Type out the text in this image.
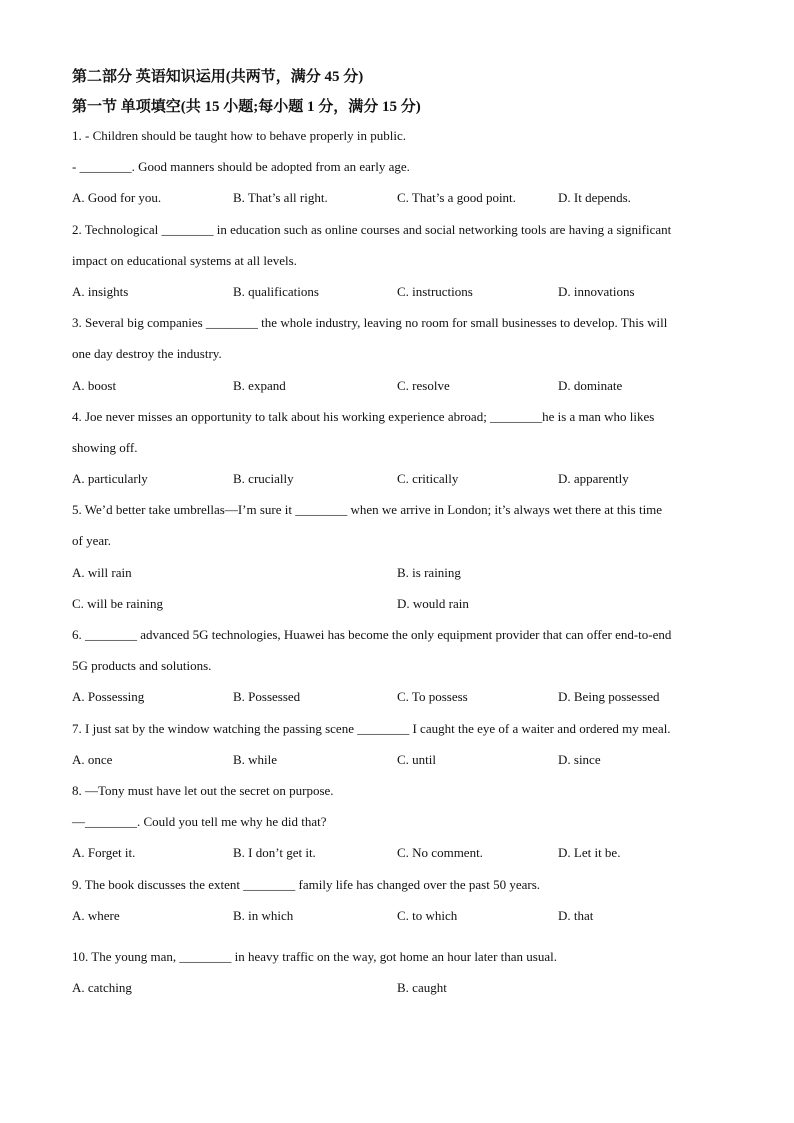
第二部分 英语知识运用(共两节，满分 45 分)
第一节 单项填空(共 15 小题;每小题 1 分，满分 15 分)
1. - Children should be taught how to behave properly in public.
- ________. Good manners should be adopted from an early age.
A. Good for you.	B. That’s all right.	C. That’s a good point.	D. It depends.
2. Technological ________ in education such as online courses and social networking tools are having a significant
impact on educational systems at all levels.
A. insights	B. qualifications	C. instructions	D. innovations
3. Several big companies ________ the whole industry, leaving no room for small businesses to develop. This will
one day destroy the industry.
A. boost	B. expand	C. resolve	D. dominate
4. Joe never misses an opportunity to talk about his working experience abroad; ________he is a man who likes
showing off.
A. particularly	B. crucially	C. critically	D. apparently
5. We’d better take umbrellas—I’m sure it ________ when we arrive in London; it’s always wet there at this time
of year.
A. will rain	B. is raining
C. will be raining	D. would rain
6. ________ advanced 5G technologies, Huawei has become the only equipment provider that can offer end-to-end
5G products and solutions.
A. Possessing	B. Possessed	C. To possess	D. Being possessed
7. I just sat by the window watching the passing scene ________ I caught the eye of a waiter and ordered my meal.
A. once	B. while	C. until	D. since
8. —Tony must have let out the secret on purpose.
—________. Could you tell me why he did that?
A. Forget it.	B. I don’t get it.	C. No comment.	D. Let it be.
9. The book discusses the extent ________ family life has changed over the past 50 years.
A. where	B. in which	C. to which	D. that
10. The young man, ________ in heavy traffic on the way, got home an hour later than usual.
A. catching	B. caught
